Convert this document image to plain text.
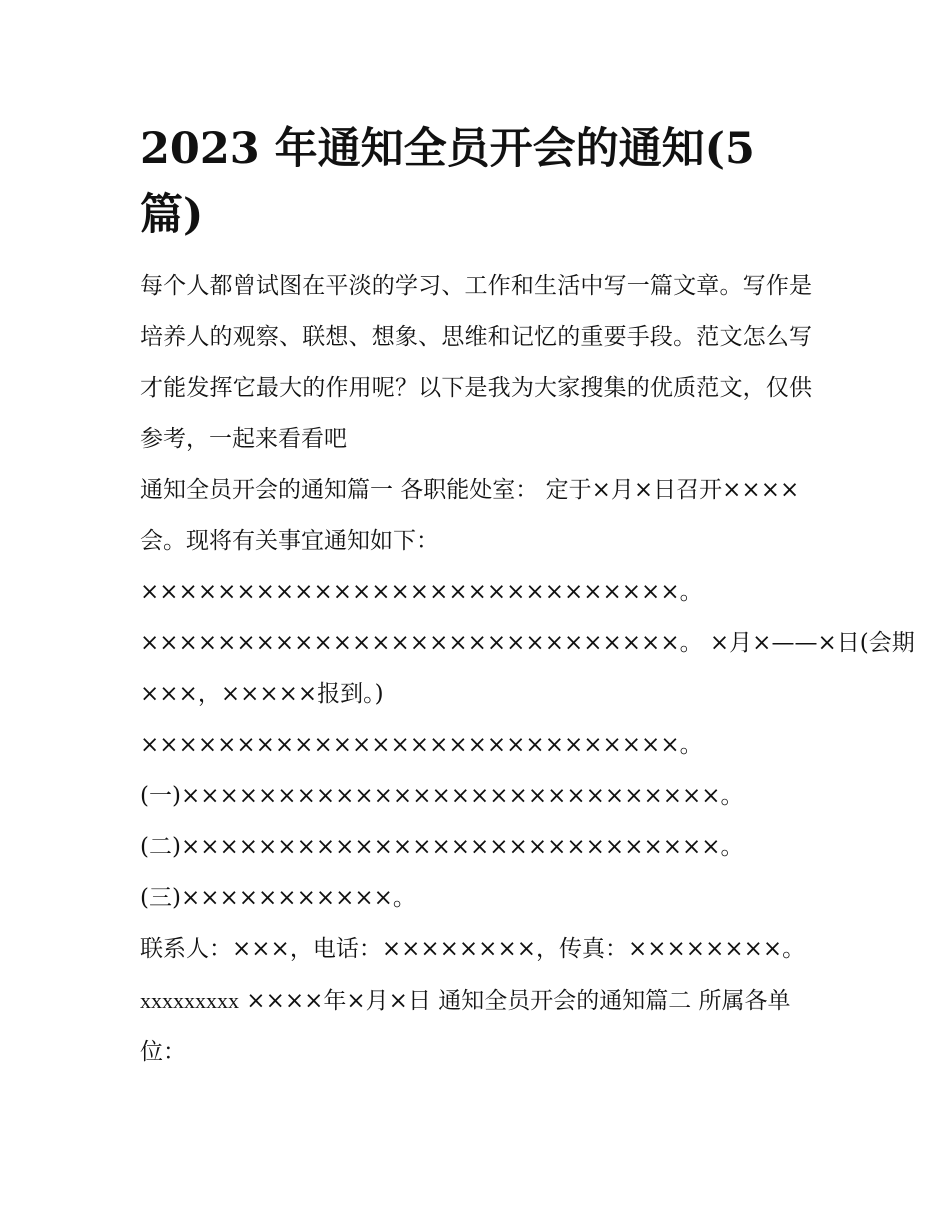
2023 年通知全员开会的通知(5 篇)

每个人都曾试图在平淡的学习、工作和生活中写一篇文章。写作是培养人的观察、联想、想象、思维和记忆的重要手段。范文怎么写才能发挥它最大的作用呢？以下是我为大家搜集的优质范文，仅供参考，一起来看看吧

通知全员开会的通知篇一 各职能处室： 定于×月×日召开××××

会。现将有关事宜通知如下：

××××××××××××××××××××××××××××。

××××××××××××××××××××××××××××。 ×月×——×日(会期

×××，×××××报到。)

××××××××××××××××××××××××××××。

(一)××××××××××××××××××××××××××××。

(二)××××××××××××××××××××××××××××。

(三)×××××××××××。

联系人：×××，电话：××××××××，传真：××××××××。

xxxxxxxxx ××××年×月×日 通知全员开会的通知篇二 所属各单位：
